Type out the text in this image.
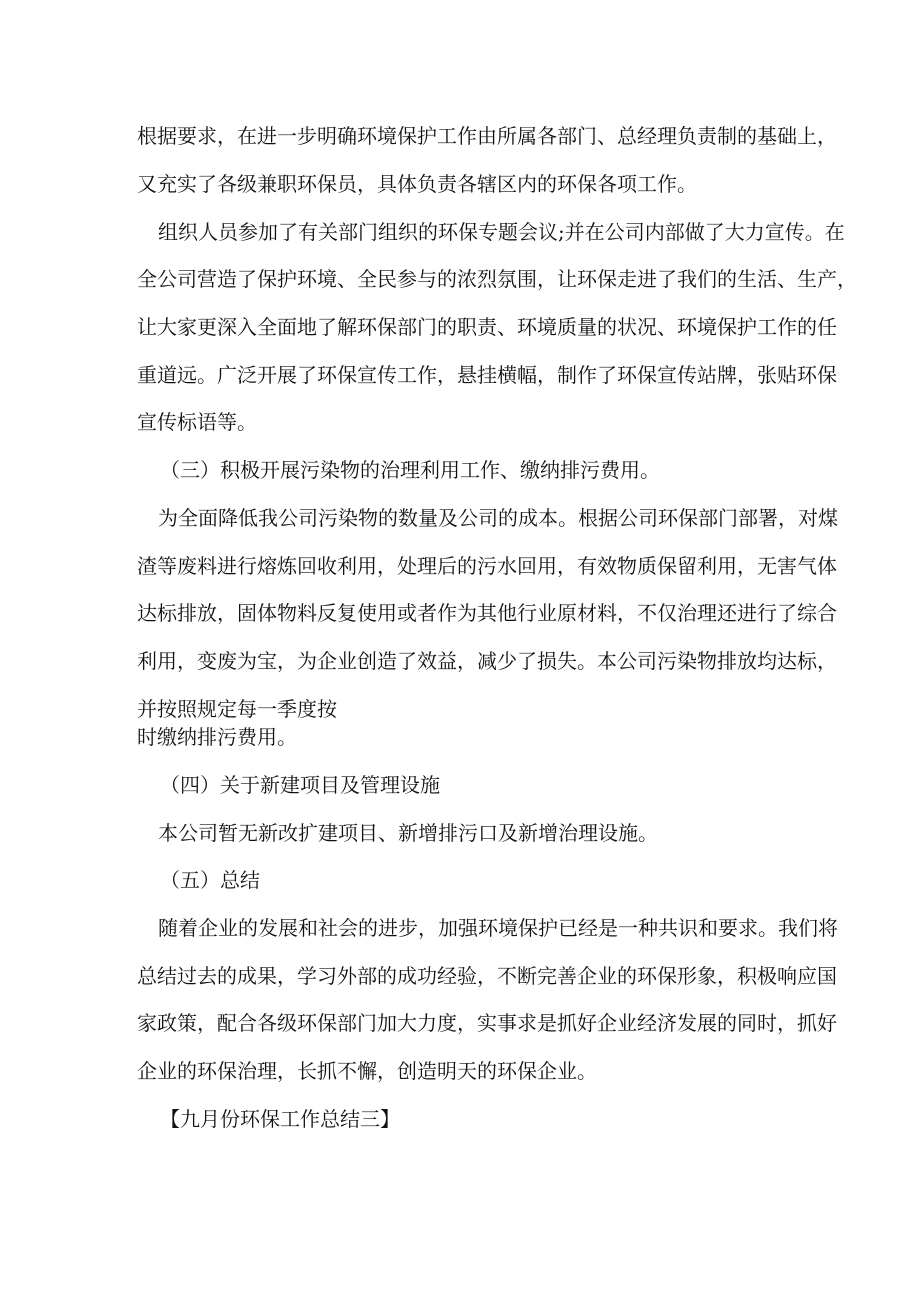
根据要求，在进一步明确环境保护工作由所属各部门、总经理负责制的基础上，
又充实了各级兼职环保员，具体负责各辖区内的环保各项工作。
组织人员参加了有关部门组织的环保专题会议;并在公司内部做了大力宣传。在
全公司营造了保护环境、全民参与的浓烈氛围，让环保走进了我们的生活、生产，
让大家更深入全面地了解环保部门的职责、环境质量的状况、环境保护工作的任
重道远。广泛开展了环保宣传工作，悬挂横幅，制作了环保宣传站牌，张贴环保
宣传标语等。
（三）积极开展污染物的治理利用工作、缴纳排污费用。
为全面降低我公司污染物的数量及公司的成本。根据公司环保部门部署，对煤
渣等废料进行熔炼回收利用，处理后的污水回用，有效物质保留利用，无害气体
达标排放，固体物料反复使用或者作为其他行业原材料，不仅治理还进行了综合
利用，变废为宝，为企业创造了效益，减少了损失。本公司污染物排放均达标，
并按照规定每一季度按
时缴纳排污费用。
（四）关于新建项目及管理设施
本公司暂无新改扩建项目、新增排污口及新增治理设施。
（五）总结
随着企业的发展和社会的进步，加强环境保护已经是一种共识和要求。我们将
总结过去的成果，学习外部的成功经验，不断完善企业的环保形象，积极响应国
家政策，配合各级环保部门加大力度，实事求是抓好企业经济发展的同时，抓好
企业的环保治理，长抓不懈，创造明天的环保企业。
【九月份环保工作总结三】
